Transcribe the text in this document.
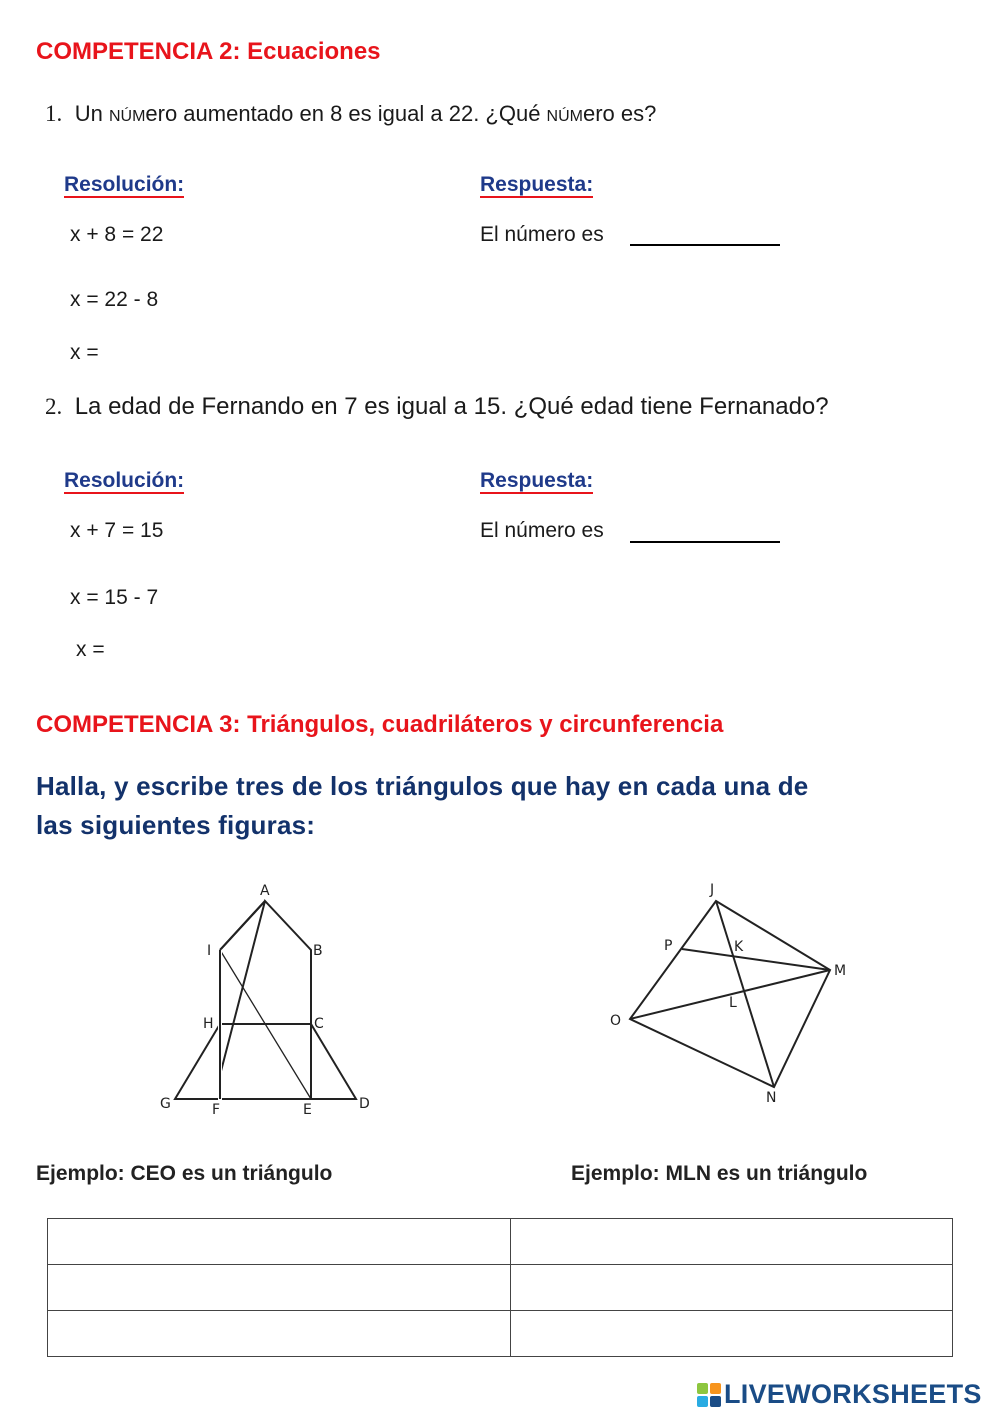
COMPETENCIA 2: Ecuaciones
1. Un NÚMero aumentado en 8 es igual a 22. ¿Qué NÚMero es?
Resolución:	Respuesta:
x + 8 = 22	El número es
x = 22 - 8
x =
2. La edad de Fernando en 7 es igual a 15. ¿Qué edad tiene Fernanado?
Resolución:	Respuesta:
x + 7 = 15	El número es
x = 15 - 7
x =
COMPETENCIA 3: Triángulos, cuadriláteros y circunferencia
Halla, y escribe tres de los triángulos que hay en cada una de
las siguientes figuras:
A
B
I
H	C
G	F	E	D
J
P	K
M
L
O
N
Ejemplo: CEO es un triángulo	Ejemplo: MLN es un triángulo

LIVEWORKSHEETS
